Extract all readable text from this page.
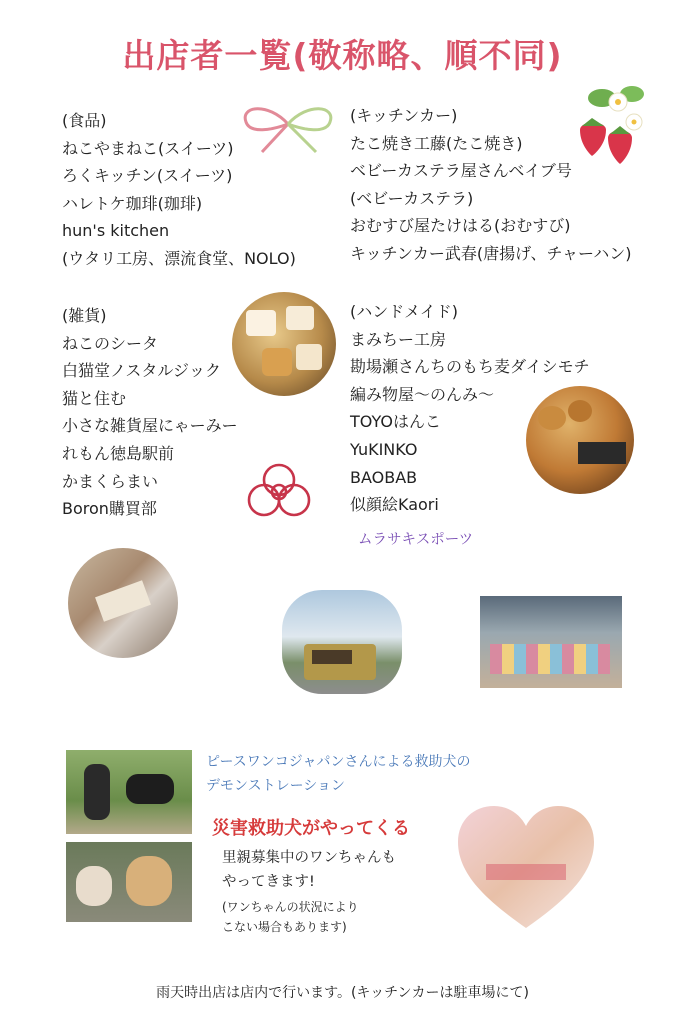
出店者一覧(敬称略、順不同)
(食品)
ねこやまねこ(スイーツ)
ろくキッチン(スイーツ)
ハレトケ珈琲(珈琲)
hun's kitchen
(ウタリ工房、漂流食堂、NOLO)
(キッチンカー)
たこ焼き工藤(たこ焼き)
ベビーカステラ屋さんベイブ号
(ベビーカステラ)
おむすび屋たけはる(おむすび)
キッチンカー武春(唐揚げ、チャーハン)
(雑貨)
ねこのシータ
白猫堂ノスタルジック
猫と住む
小さな雑貨屋にゃーみー
れもん徳島駅前
かまくらまい
Boron購買部
(ハンドメイド)
まみちー工房
勘場瀬さんちのもち麦ダイシモチ
編み物屋〜のんみ〜
TOYOはんこ
YuKINKO
BAOBAB
似顔絵Kaori
ムラサキスポーツ
ピースワンコジャパンさんによる救助犬の
デモンストレーション
災害救助犬がやってくる
里親募集中のワンちゃんも
やってきます!
(ワンちゃんの状況により
こない場合もあります)
雨天時出店は店内で行います。(キッチンカーは駐車場にて)
